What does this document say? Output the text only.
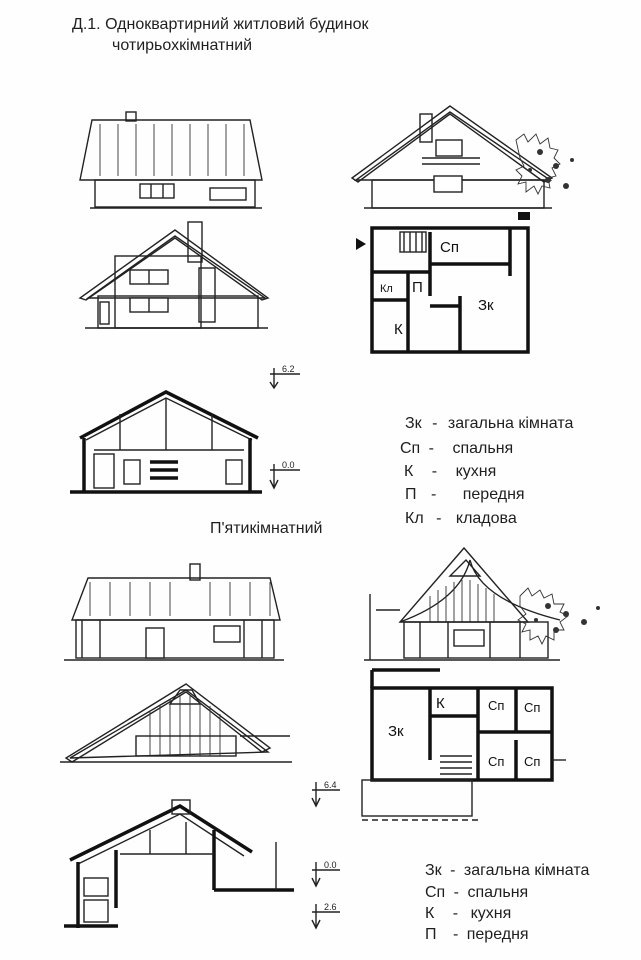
Д.1. Одноквартирний житловий будинок
чотирьохкімнатний
6.2
0.0
Сп
Кл П
Зк
К
6.4
0.0
2.6
Зк
К	Сп Сп
Сп Сп
Зк - загальна кімната
Сп - спальня
К - кухня
П - передня
Кл - кладова
П'ятикімнатний
Зк - загальна кімната
Сп - спальня
К - кухня
П - передня
